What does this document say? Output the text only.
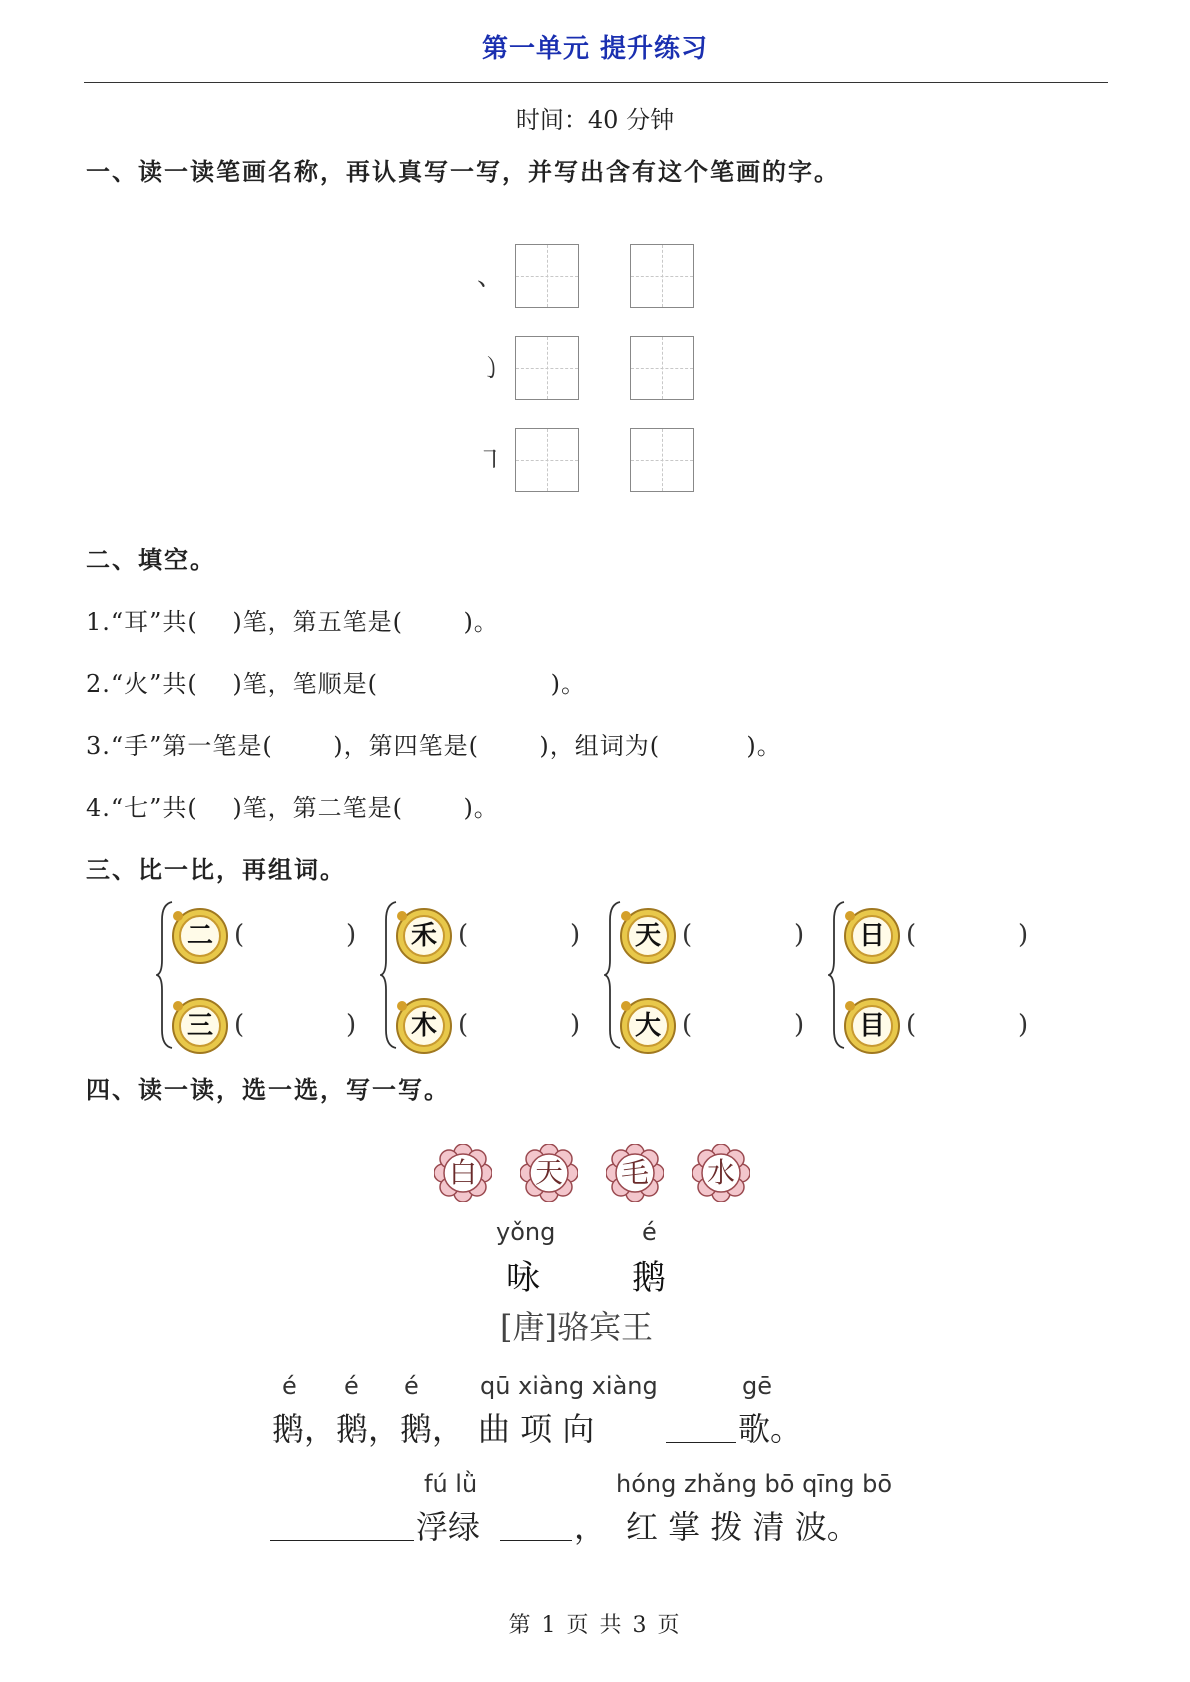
第一单元 提升练习
时间：40 分钟
一、读一读笔画名称，再认真写一写，并写出含有这个笔画的字。
、
㇁
㇕
二、填空。
1.“耳”共(    )笔，第五笔是(       )。
2.“火”共(    )笔，笔顺是(                    )。
3.“手”第一笔是(       )，第四笔是(       )，组词为(          )。
4.“七”共(    )笔，第二笔是(       )。
三、比一比，再组词。
二 (	)
三 (	)
禾 (	)
木 (	)
天 (	)
大 (	)
日 (	)
目 (	)
四、读一读，选一选，写一写。
白	天	毛	水
yǒng	é
咏	鹅
[唐]骆宾王
é é é	qū xiàng xiàng	gē
鹅，鹅，鹅， 曲 项 向	歌。
fú lǜ	hóng zhǎng bō qīng bō
浮绿	， 红 掌 拨 清 波。
第 1 页 共 3 页
